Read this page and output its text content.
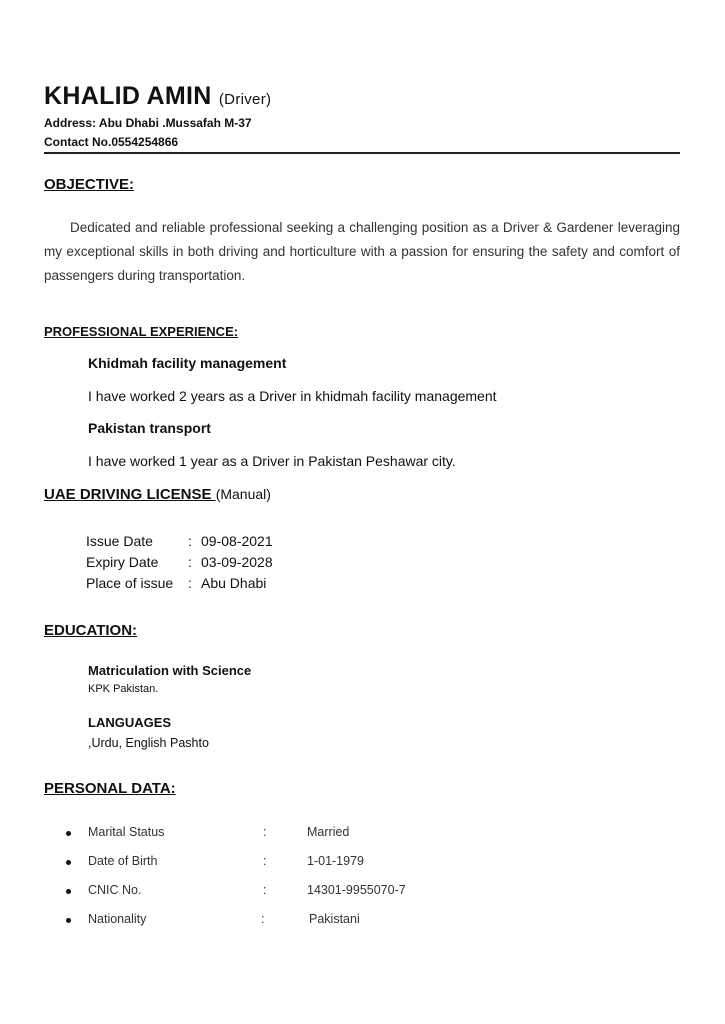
KHALID AMIN (Driver)
Address: Abu Dhabi .Mussafah M-37
Contact No.0554254866
OBJECTIVE:
Dedicated and reliable professional seeking a challenging position as a Driver & Gardener leveraging my exceptional skills in both driving and horticulture with a passion for ensuring the safety and comfort of passengers during transportation.
PROFESSIONAL EXPERIENCE:
Khidmah facility management
I have worked 2 years as a Driver in khidmah facility management
Pakistan transport
I have worked 1 year as a Driver in Pakistan Peshawar city.
UAE DRIVING LICENSE (Manual)
Issue Date	: 09-08-2021
Expiry Date : 03-09-2028
Place of issue : Abu Dhabi
EDUCATION:
Matriculation with Science
KPK Pakistan.
LANGUAGES
,Urdu, English Pashto
PERSONAL DATA:
Marital Status	:	Married
Date of Birth	:	1-01-1979
CNIC No.	:	14301-9955070-7
Nationality	:	Pakistani
